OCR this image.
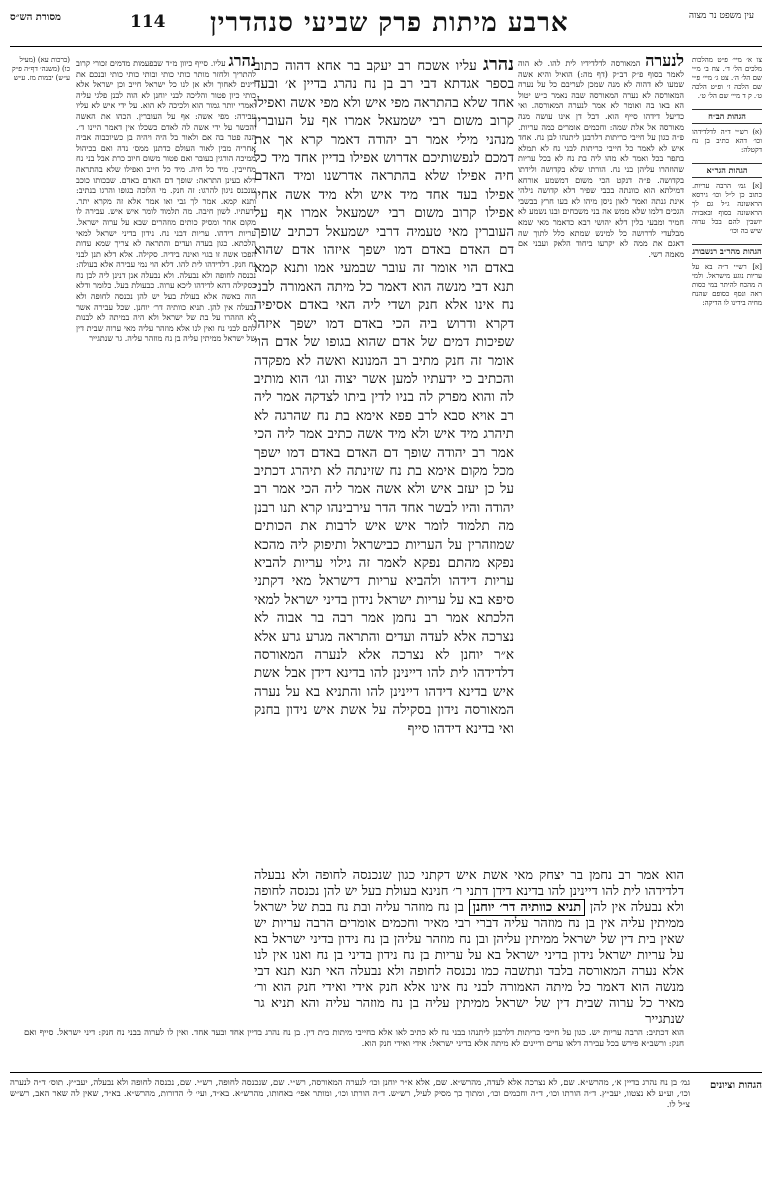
עין משפט נר מצוה
ארבע מיתות פרק שביעי סנהדרין
114
מסורת הש״ס
צו א׳ מיי׳ פ״ט מהלכות מלכים הל׳ ד׳. צח ב׳ מ״י שם הל׳ ה׳. צט ג׳ מיי׳ פ״י שם הלכה ז׳ ופ״ט הלכה ט׳. ק ד מיי׳ שם הל׳ ט׳.
הגהות הב״ח
(א) רש״י ד״ה לדלדידהו וכו׳ דהא כתיב בן נח דקטלה:
הגהות הגר״א
[א] גמ׳ הרבה עריות. כתוב כן ל״ל וכו׳ גירסא הראשונה ג״ל גם לך הראשונה בסוף ובאבזיה יושבין להם בכל ערוה שיש בה וכו׳
הגהות מהר״ב רנשבורג
[א] רש״י ד״ה בא על עריות נוגע מישראל. ולמי ה מהכח להיתר במי כסות ראה ונסף כסופם שהנח מחיה בידינו לו הדיקה:
לנערה המאורסה לדלדידיו לית להו. לא הוה לאמר בסוף פ״ק דב״ק (דף מה:) הואיל והיא אשה שמעו לא דהוה לא מנה שמכן לעריבם כל על נערה המאורסה לא נערה המאורסה שבה נאמר כ״ש יטול הא באו בה ואומר לא אמר לנערה המאורסה. ואי כדיעל דידהו סייף הוא. דבל דן אינו עושה מנה מאורסה אל אלת שמה: וחכמים אומרים כמה עריות. פ״ה כגון על חייבי כריתות דלרבנן ליתנהו לבן נח. אחד איש לא לאמר כל חייבי כריתות לבני נח לא תמלא בתפר בכל ואמר לא מהו ליה בת נח לא בכל עריות שהוזהרו עליהן בני נח. הורתו שלא בקדושה ולידתו בקדושה. פ״ה דנקט הכי משום דמשמע אורחא דמילתא הוא כוונתה בכבי שפיר דלא קדושה נילהי אינת גנתה ואמר לאון ניסן מיהו לא בעו חרץ בבשבי הגכים דלמו שלא ממש אה בני משבחים ובנו נשמע לא חמיר ומבעי בלין דלא יהושי רבא כדאמר מאי שמא מבלעדי לדרושה כל למינש שמתא כלל לתוך שה דאגם את ממה לא יקרעו ביחוד הלאק ועבני אם מאמה רשי.
נהרג עליו אשכח רב יעקב בר אחא דהוה כתוב בספר אגדתא דבי רב בן נח נהרג בדיין א׳ ובעד אחד שלא בהתראה מפי איש ולא מפי אשה ואפילו קרוב משום רבי ישמעאל אמרו אף על העוברין מנהני מילי אמר רב יהודה דאמר קרא אך את דמכם לנפשותיכם אדרוש אפילו בדיין אחד מיד כל חיה אפילו שלא בהתראה אדרשנו ומיד האדם אפילו בעד אחד מיד איש ולא מיד אשה אחיו אפילו קרוב משום רבי ישמעאל אמרו אף על העוברין מאי טעמיה דרבי ישמעאל דכתיב שופך דם האדם באדם דמו ישפך איזהו אדם שהוא באדם הוי אומר זה עובר שבמעי אמו ותנא קמא תנא דבי מנשה הוא דאמר כל מיתה האמורה לבני נח אינו אלא חנק ושדי ליה האי באדם אסיפיה דקרא ודרוש ביה הכי באדם דמו ישפך איזהו שפיכות דמים של אדם שהוא בגופו של אדם הוי אומר זה חנק מתיב רב המנונא ואשה לא מפקדה והכתיב כי ידעתיו למען אשר יצוה וגו׳ הוא מותיב לה והוא מפרק לה בניו לדין ביתו לצדקה אמר ליה רב אויא סבא לרב פפא אימא בת נח שהרגה לא תיהרג מיד איש ולא מיד אשה כתיב אמר ליה הכי אמר רב יהודה שופך דם האדם באדם דמו ישפך מכל מקום אימא בת נח שזינתה לא תיהרג דכתיב על כן יעזב איש ולא אשה אמר ליה הכי אמר רב יהודה והיו לבשר אחד הדר עירבינהו קרא תנו רבנן מה תלמוד לומר איש איש לרבות את הכותים שמוזהרין על העריות כבישראל ותיפוק ליה מהכא נפקא מהתם נפקא לאמר זה גילוי עריות להביא עריות דידהו ולהביא עריות דישראל מאי דקתני סיפא בא על עריות ישראל נידון בדיני ישראל למאי הלכתא אמר רב נחמן אמר רבה בר אבוה לא נצרכה אלא לעדה ועדים והתראה מגרע גרע אלא א״ר יוחנן לא נצרכה אלא לנערה המאורסה דלדידהו לית להו דיינינן להו בדינא דידן אבל אשת איש בדינא דידהו דיינינן להו והתניא בא על נערה המאורסה נידון בסקילה על אשת איש נידון בחנק ואי בדינא דידהו סייף
נהרג עליו. סייף כיוון מ״ד שבפעמות מדמים זכורי קרוב להתריך ולחזר מותר כותי כותי ובותי כותי כותי ובנכם את דינים לאחוך ולא אן לנו כל ישראל חייב וכן ישראל אלא כותי כיון פטור והליכה לבני יוחנן לא הוה לבנן פלגי עליה ואמרי יותר גמור הוא ולכיכה לא הוא. על ידי איש לא עליו עבירה: מפי אשה: אף על העוברין. הכהו את האשה והכשר על ידי אשה לה לאדם כשכלו אין דאמר היינו ד׳. הנה פטר בה אם ולאור בל היה ויהיה בן כשיוכבוה אביה אחריה מבין לאור העולם כדתנן ממס׳ נדה ואם בכיהול ממיכה הורגין בעובר ואם פטור משום חיוב כרת אבל בני נח מחייבין. מיד כל חיה. מיד כל חייב ואפילו שלא בהתראה דלא בעינן התראה: שופך דם האדם באדם. שבכותו כוכב שנכנס ניגון להרגו: זה חנק. מי הלוכה בגופו והרגו בנתיב: ותנא קמא. אמר לך גבי ואו אמר אלא זה מקרא יתר. ידעתיו. לשון חיבה. מה תלמוד לומר איש איש. עבירה לו מקום אחר ומסיק כותים מוזהרים שבא על ערוה ישראל. עריות דידהו. עריות דבני נח. נידון בדיני ישראל למאי הלכתא. כגון בעדה ועדים והתראה לא צריך שמא עדות הפכו אשה זו בגוי ואינה בידיה. סקילה. אלא דלא תנן לבני נח חנק. דלדידהו לית להו. דלא הוי נמי עבירה אלא בעולה: נכנסה לחופה ולא נבעלה. ולא נבעלה אנן דנינן ליה לבן נח בסקילה דהא לדידהו ליכא ערוה. כבעולת בעל. כלומר ודלא הוה באשה אלא בעולת בעל יש להן נכנסה לחופה ולא נבעלה אין להן. תניא כוותיה דר׳ יוחנן. שכל עבירה אשר לא הוזהרו על בת של ישראל ולא היה במיתה לא לבנות להם לבני נח ואין לנו אלא מוזהר עליה מאי ערוה שבית דין של ישראל ממיתין עליה בן נח מוזהר עליה. גר שנתגייר
(ברכות עא) (מעיל כו) (משנה׳ דף״ה פ״ק ע״ש) יבמות מז. ע״ש
הוא אמר רב נחמן בר יצחק מאי אשת איש דקתני כגון שנכנסה לחופה ולא נבעלה דלדידהו לית להו דיינינן להו בדינא דידן דתני ר׳ חנינא בעולת בעל יש להן נכנסה לחופה ולא נבעלה אין להן תניא כוותיה דר׳ יוחנן בן נח מוזהר עליה ובת נח בבת של ישראל ממיתין עליה אין בן נח מוזהר עליה דברי רבי מאיר וחכמים אומרים הרבה עריות יש שאין בית דין של ישראל ממיתין עליהן ובן נח מוזהר עליהן בן נח נידון בדיני ישראל בא על עריות ישראל נידון בדיני ישראל בא על עריות בן נח נידון בדיני בן נח ואנו אין לנו אלא נערה המאורסה בלבד ונתשבה כמו נכנסה לחופה ולא נבעלה האי תנא תנא דבי מנשה הוא דאמר כל מיתה האמורה לבני נח אינו אלא חנק אידי ואידי חנק הוא ור׳ מאיר כל ערוה שבית דין של ישראל ממיתין עליה בן נח מוזהר עליה והא תניא גר שנתגייר
הוא דכתיב: הרבה עריות יש. כגון על חייבי כריתות דלרבנן ליתנהו בבני נח לא כתיב לאו אלא בחייבי מיתות בית דין. בן נח נהרג בדיין אחד ובעד אחד. ואין לו לערוה בבני נח חנק: דיני ישראל. סייף ואם חנק: ורשב״א פירש בכל עבירה דלאו עדים ודיינים לא מיתה אלא בדיני ישראל: אידי ואידי חנק הוא.
הגהות וציונים
גמ׳ בן נח נהרג בדיין א׳, מהרש״א. שם, לא נצרכה אלא לעדה, מהרש״א. שם, אלא א״ר יוחנן וכו׳ לנערה המאורסה, רש״י. שם, שנכנסה לחופה, רש״י. שם, נכנסה לחופה ולא נבעלה, יעב״ץ. תוס׳ ד״ה לנערה וכו׳, וע״ע לא נצטוו, יעב״ץ. ד״ה הורתו וכו׳, ד״ה וחכמים וכו׳, ומתוך כך מסיק לעיל, רש״ש. ד״ה הורתו וכו׳, ומותר אפי׳ באחותו, מהרש״א. בא״ד, ועי׳ ל׳ הדורות, מהרש״א. בא״ד, שאין לה שאר האב, רש״ש צ״ל לו.
